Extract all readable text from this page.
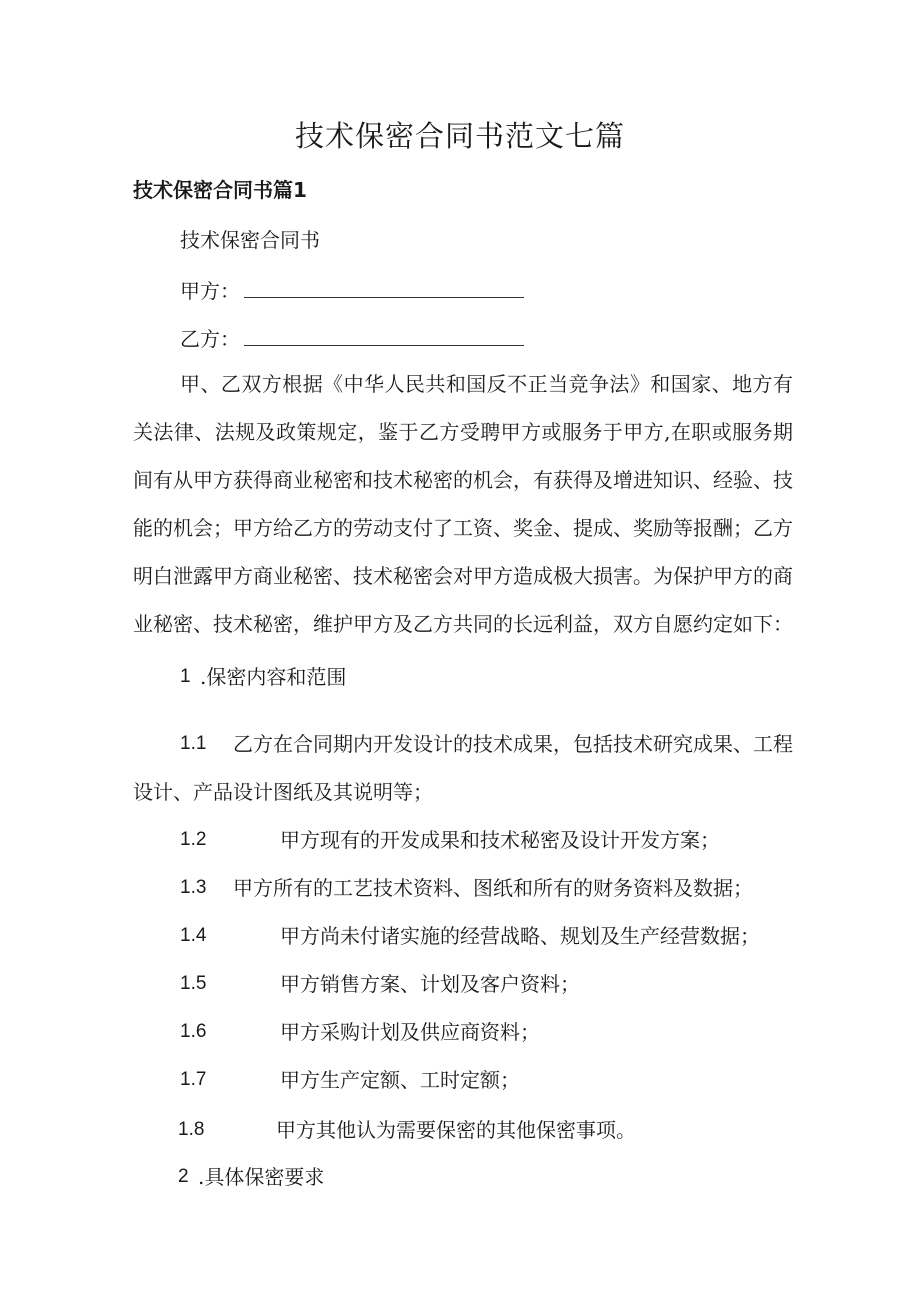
技术保密合同书范文七篇
技术保密合同书篇1
技术保密合同书
甲方：
乙方：
甲、乙双方根据《中华人民共和国反不正当竞争法》和国家、地方有
关法律、法规及政策规定，鉴于乙方受聘甲方或服务于甲方,在职或服务期
间有从甲方获得商业秘密和技术秘密的机会，有获得及增进知识、经验、技
能的机会；甲方给乙方的劳动支付了工资、奖金、提成、奖励等报酬；乙方
明白泄露甲方商业秘密、技术秘密会对甲方造成极大损害。为保护甲方的商
业秘密、技术秘密，维护甲方及乙方共同的长远利益，双方自愿约定如下：
1 .保密内容和范围
1.1 乙方在合同期内开发设计的技术成果，包括技术研究成果、工程
设计、产品设计图纸及其说明等；
1.2	甲方现有的开发成果和技术秘密及设计开发方案；
1.3 甲方所有的工艺技术资料、图纸和所有的财务资料及数据；
1.4	甲方尚未付诸实施的经营战略、规划及生产经营数据；
1.5	甲方销售方案、计划及客户资料；
1.6	甲方采购计划及供应商资料；
1.7	甲方生产定额、工时定额；
1.8	甲方其他认为需要保密的其他保密事项。
2 .具体保密要求
